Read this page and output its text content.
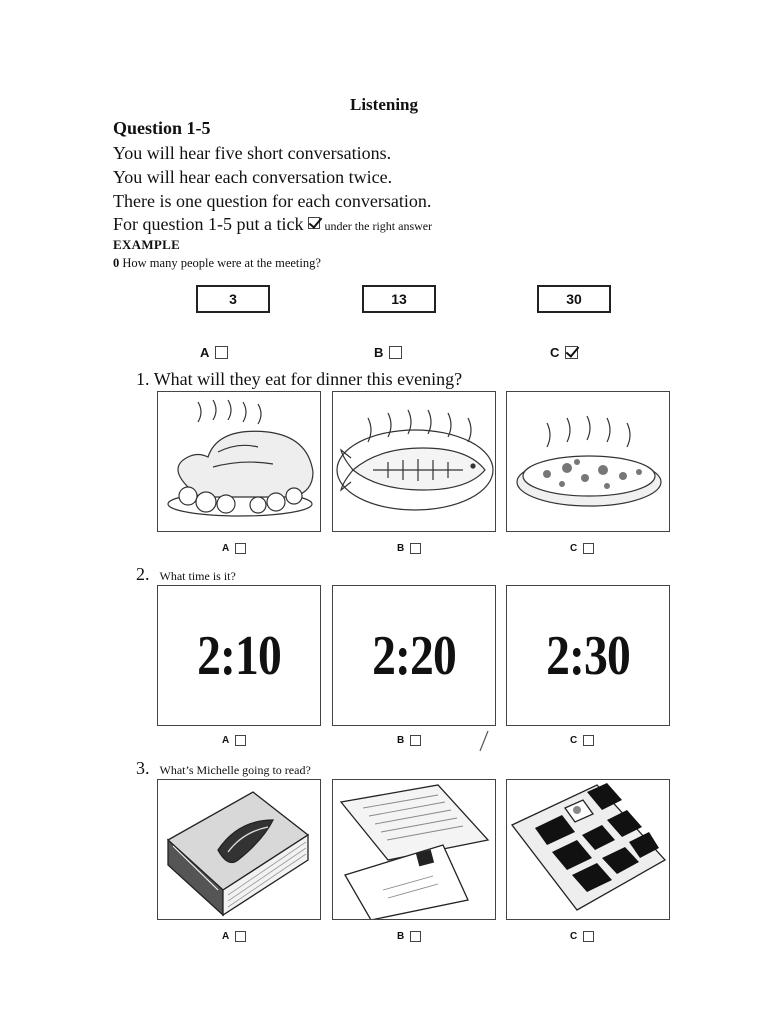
Listening
Question 1-5
You will hear five short conversations.
You will hear each conversation twice.
There is one question for each conversation.
For question 1-5 put a tick under the right answer
EXAMPLE
0 How many people were at the meeting?
3	13	30
A	B	C
1. What will they eat for dinner this evening?
A	B	C
2. What time is it?
2:10	2:20	2:30
A	B	C
3. What’s Michelle going to read?
A	B	C
